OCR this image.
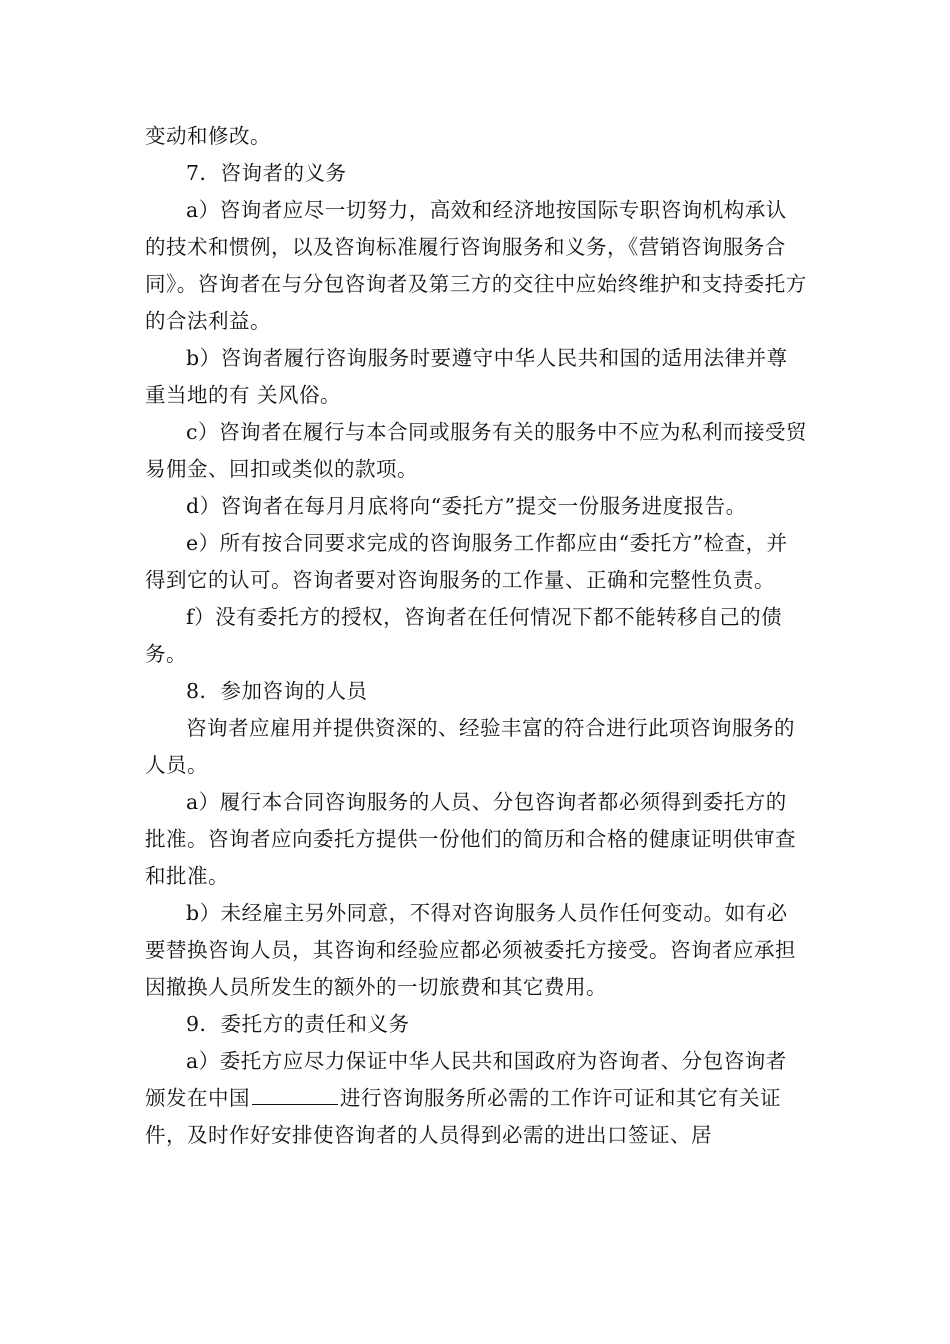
变动和修改。

7．咨询者的义务

a）咨询者应尽一切努力，高效和经济地按国际专职咨询机构承认的技术和惯例，以及咨询标准履行咨询服务和义务，《营销咨询服务合同》。咨询者在与分包咨询者及第三方的交往中应始终维护和支持委托方的合法利益。

b）咨询者履行咨询服务时要遵守中华人民共和国的适用法律并尊重当地的有 关风俗。

c）咨询者在履行与本合同或服务有关的服务中不应为私利而接受贸易佣金、回扣或类似的款项。

d）咨询者在每月月底将向“委托方”提交一份服务进度报告。

e）所有按合同要求完成的咨询服务工作都应由“委托方”检查，并得到它的认可。咨询者要对咨询服务的工作量、正确和完整性负责。

f）没有委托方的授权，咨询者在任何情况下都不能转移自己的债务。

8．参加咨询的人员

咨询者应雇用并提供资深的、经验丰富的符合进行此项咨询服务的人员。

a）履行本合同咨询服务的人员、分包咨询者都必须得到委托方的批准。咨询者应向委托方提供一份他们的简历和合格的健康证明供审查和批准。

b）未经雇主另外同意，不得对咨询服务人员作任何变动。如有必要替换咨询人员，其咨询和经验应都必须被委托方接受。咨询者应承担因撤换人员所发生的额外的一切旅费和其它费用。

9．委托方的责任和义务

a）委托方应尽力保证中华人民共和国政府为咨询者、分包咨询者颁发在中国	进行咨询服务所必需的工作许可证和其它有关证件，及时作好安排使咨询者的人员得到必需的进出口签证、居
